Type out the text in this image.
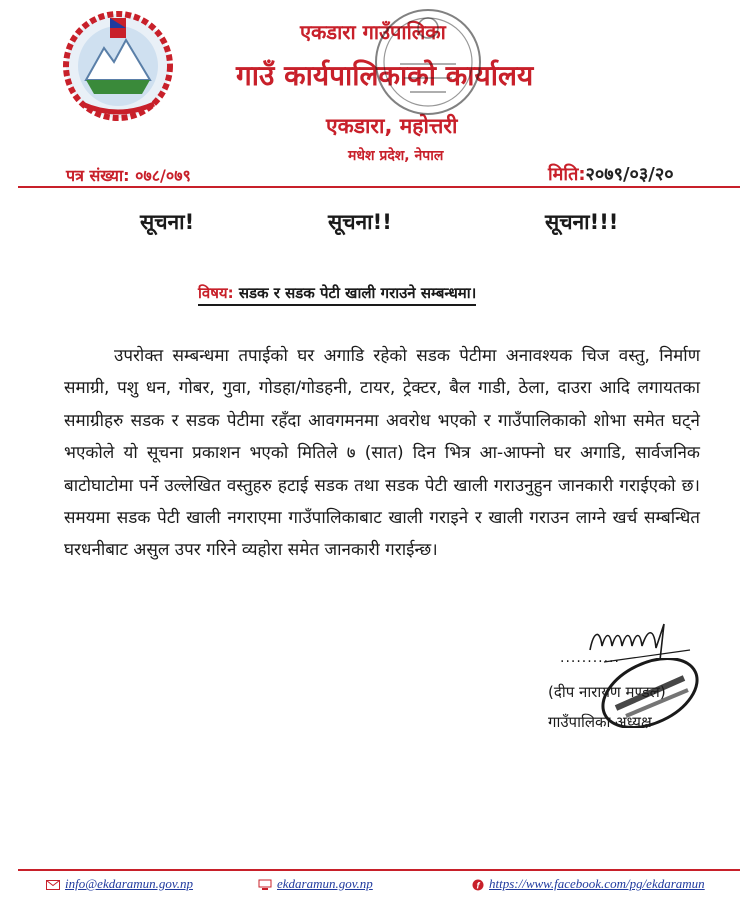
एकडारा गाउँपालिका
गाउँ कार्यपालिकाको कार्यालय
एकडारा, महोत्तरी
मधेश प्रदेश, नेपाल
पत्र संख्या: ०७८/०७९	मिति:२०७९/०३/२०
सूचना!	सूचना!!	सूचना!!!
विषय: सडक र सडक पेटी खाली गराउने सम्बन्धमा।
उपरोक्त सम्बन्धमा तपाईको घर अगाडि रहेको सडक पेटीमा अनावश्यक चिज वस्तु, निर्माण समाग्री, पशु धन, गोबर, गुवा, गोडहा/गोडहनी, टायर, ट्रेक्टर, बैल गाडी, ठेला, दाउरा आदि लगायतका समाग्रीहरु सडक र सडक पेटीमा रहँदा आवगमनमा अवरोध भएको र गाउँपालिकाको शोभा समेत घट्ने भएकोले यो सूचना प्रकाशन भएको मितिले ७ (सात) दिन भित्र आ-आफ्नो घर अगाडि, सार्वजनिक बाटोघाटोमा पर्ने उल्लेखित वस्तुहरु हटाई सडक तथा सडक पेटी खाली गराउनुहुन जानकारी गराईएको छ। समयमा सडक पेटी खाली नगराएमा गाउँपालिकाबाट खाली गराइने र खाली गराउन लाग्ने खर्च सम्बन्धित घरधनीबाट असुल उपर गरिने व्यहोरा समेत जानकारी गराईन्छ।
...........
(दीप नारायण मण्डल)
गाउँपालिका अध्यक्ष
info@ekdaramun.gov.np	ekdaramun.gov.np	f https://www.facebook.com/pg/ekdaramun
